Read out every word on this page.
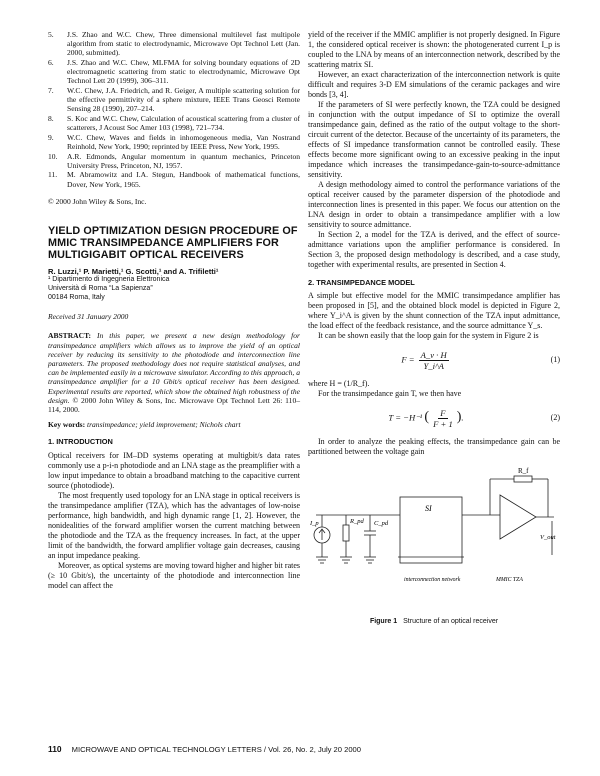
5. J.S. Zhao and W.C. Chew, Three dimensional multilevel fast multipole algorithm from static to electrodynamic, Microwave Opt Technol Lett (Jan. 2000, submitted).
6. J.S. Zhao and W.C. Chew, MLFMA for solving boundary equations of 2D electromagnetic scattering from static to electrodynamic, Microwave Opt Technol Lett 20 (1999), 306–311.
7. W.C. Chew, J.A. Friedrich, and R. Geiger, A multiple scattering solution for the effective permittivity of a sphere mixture, IEEE Trans Geosci Remote Sensing 28 (1990), 207–214.
8. S. Koc and W.C. Chew, Calculation of acoustical scattering from a cluster of scatterers, J Acoust Soc Amer 103 (1998), 721–734.
9. W.C. Chew, Waves and fields in inhomogeneous media, Van Nostrand Reinhold, New York, 1990; reprinted by IEEE Press, New York, 1995.
10. A.R. Edmonds, Angular momentum in quantum mechanics, Princeton University Press, Princeton, NJ, 1957.
11. M. Abramowitz and I.A. Stegun, Handbook of mathematical functions, Dover, New York, 1965.

© 2000 John Wiley & Sons, Inc.

YIELD OPTIMIZATION DESIGN PROCEDURE OF MMIC TRANSIMPEDANCE AMPLIFIERS FOR MULTIGIGABIT OPTICAL RECEIVERS
R. Luzzi,¹ P. Marietti,¹ G. Scotti,¹ and A. Trifiletti¹
¹ Dipartimento di Ingegneria Elettronica
Università di Roma “La Sapienza”
00184 Roma, Italy
Received 31 January 2000

ABSTRACT: In this paper, we present a new design methodology for transimpedance amplifiers which allows us to improve the yield of an optical receiver by reducing its sensitivity to the photodiode and interconnection line parameters. The proposed methodology does not require statistical analyses, and can be implemented easily in a microwave simulator. According to this approach, a transimpedance amplifier for a 10 Gbit/s optical receiver has been designed. Experimental results are reported, which show the obtained high robustness of the design. © 2000 John Wiley & Sons, Inc. Microwave Opt Technol Lett 26: 110–114, 2000.

Key words: transimpedance; yield improvement; Nichols chart

1. INTRODUCTION

Optical receivers for IM–DD systems operating at multigbit/s data rates commonly use a p-i-n photodiode and an LNA stage as the preamplifier with a low input impedance to obtain a broadband matching to the capacitive current source (photodiode).

The most frequently used topology for an LNA stage in optical receivers is the transimpedance amplifier (TZA), which has the advantages of low-noise performance, high bandwidth, and high dynamic range [1, 2]. However, the nonidealities of the forward amplifier worsen the current matching between the photodiode and the TZA as the frequency increases. In fact, at the upper limit of the bandwidth, the forward amplifier voltage gain decreases, causing an input impedance peaking.

Moreover, as optical systems are moving toward higher and higher bit rates (≥ 10 Gbit/s), the uncertainty of the photodiode and interconnection line model can affect the

yield of the receiver if the MMIC amplifier is not properly designed. In Figure 1, the considered optical receiver is shown: the photogenerated current I_p is coupled to the LNA by means of an interconnection network, described by the scattering matrix SI.

However, an exact characterization of the interconnection network is quite difficult and requires 3-D EM simulations of the ceramic packages and wire bonds [3, 4].

If the parameters of SI were perfectly known, the TZA could be designed in conjunction with the output impedance of SI to optimize the overall transimpedance gain, defined as the ratio of the output voltage to the short-circuit current of the detector. Because of the uncertainty of its parameters, the effects of SI impedance transformation cannot be controlled easily. These effects become more significant owing to an excessive peaking in the input impedance which increases the transimpedance-gain-to-source-admittance sensitivity.

A design methodology aimed to control the performance variations of the optical receiver caused by the parameter dispersion of the photodiode and interconnection lines is presented in this paper. We focus our attention on the LNA design in order to obtain a transimpedance amplifier with a low sensitivity to source admittance.

In Section 2, a model for the TZA is derived, and the effect of source-admittance variations upon the amplifier performance is considered. In Section 3, the proposed design methodology is described, and a case study, together with experimental results, are presented in Section 4.

2. TRANSIMPEDANCE MODEL

A simple but effective model for the MMIC transimpedance amplifier has been proposed in [5], and the obtained block model is depicted in Figure 2, where Y_i^A is given by the shunt connection of the TZA input admittance, the load effect of the feedback resistance, and the source admittance Y_s.

It can be shown easily that the loop gain for the system in Figure 2 is

$F = \frac{A\_v \cdot H}{Y\_i\^{}A}$	(1)

where H = (1/R_f).

For the transimpedance gain T, we then have

T = −H⁻¹ ( $\frac{F}{F + 1}$ ).	(2)

In order to analyze the peaking effects, the transimpedance gain can be partitioned between the voltage gain

R_f
SI
I_p	R_pd C_pd
V_out
interconnection network	MMIC TZA
Figure 1 Structure of an optical receiver
110 MICROWAVE AND OPTICAL TECHNOLOGY LETTERS / Vol. 26, No. 2, July 20 2000
